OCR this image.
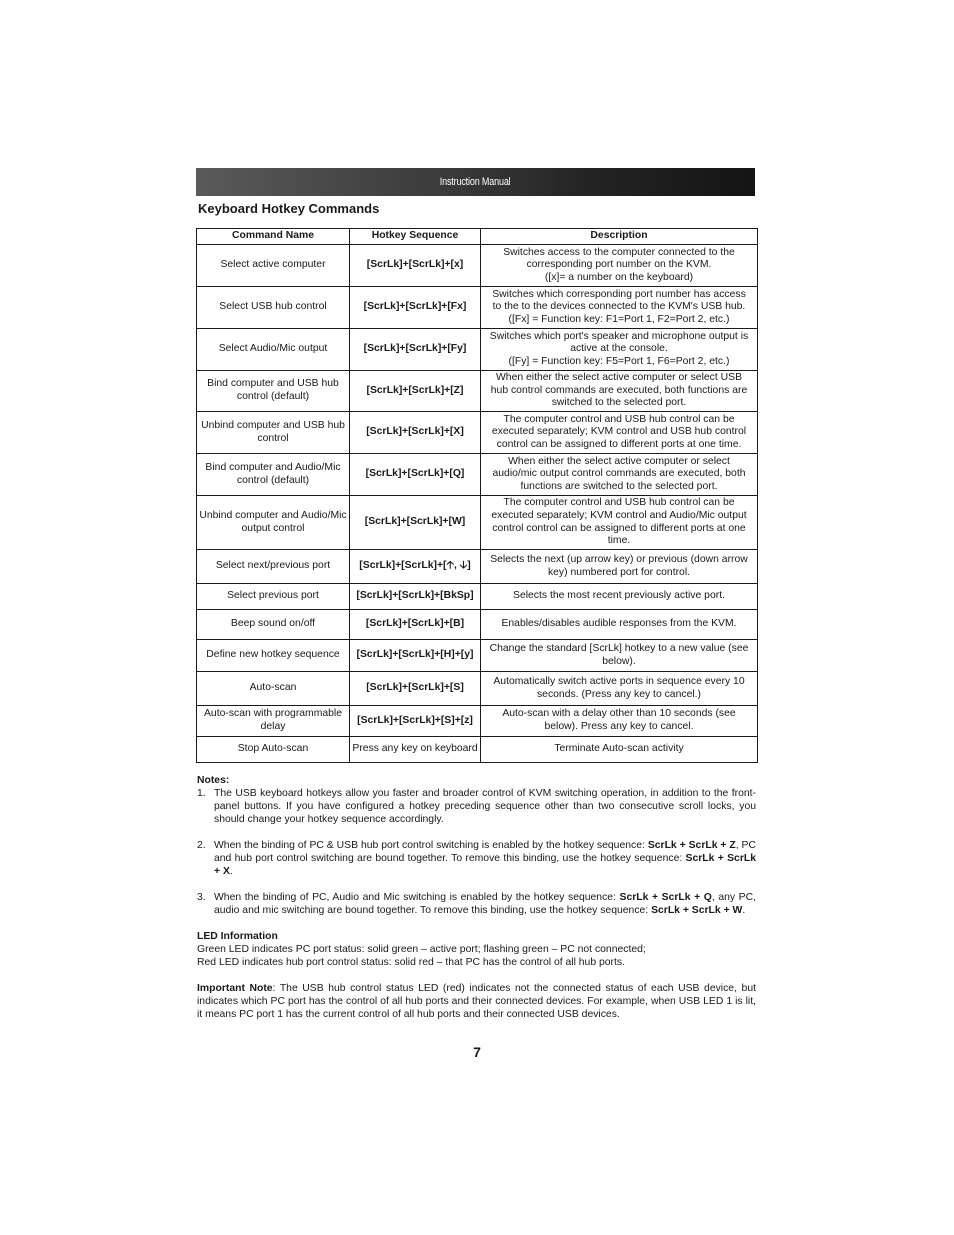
Instruction Manual
Keyboard Hotkey Commands
Command Name	Hotkey Sequence	Description
Select active computer	[ScrLk]+[ScrLk]+[x]	Switches access to the computer connected to the
corresponding port number on the KVM.
([x]= a number on the keyboard)
Select USB hub control	[ScrLk]+[ScrLk]+[Fx]	Switches which corresponding port number has access
to the to the devices connected to the KVM's USB hub.
([Fx] = Function key: F1=Port 1, F2=Port 2, etc.)
Select Audio/Mic output	[ScrLk]+[ScrLk]+[Fy]	Switches which port's speaker and microphone output is
active at the console.
([Fy] = Function key: F5=Port 1, F6=Port 2, etc.)
Bind computer and USB hub control (default)	[ScrLk]+[ScrLk]+[Z]	When either the select active computer or select USB
hub control commands are executed, both functions are
switched to the selected port.
Unbind computer and USB hub control	[ScrLk]+[ScrLk]+[X]	The computer control and USB hub control can be
executed separately; KVM control and USB hub control
control can be assigned to different ports at one time.
Bind computer and Audio/Mic control (default)	[ScrLk]+[ScrLk]+[Q]	When either the select active computer or select
audio/mic output control commands are executed, both
functions are switched to the selected port.
Unbind computer and Audio/Mic output control	[ScrLk]+[ScrLk]+[W]	The computer control and USB hub control can be
executed separately; KVM control and Audio/Mic output
control control can be assigned to different ports at one
time.
Select next/previous port	[ScrLk]+[ScrLk]+[🡡, 🡣]	Selects the next (up arrow key) or previous (down arrow
key) numbered port for control.
Select previous port	[ScrLk]+[ScrLk]+[BkSp]	Selects the most recent previously active port.
Beep sound on/off	[ScrLk]+[ScrLk]+[B]	Enables/disables audible responses from the KVM.
Define new hotkey sequence	[ScrLk]+[ScrLk]+[H]+[y]	Change the standard [ScrLk] hotkey to a new value (see
below).
Auto-scan	[ScrLk]+[ScrLk]+[S]	Automatically switch active ports in sequence every 10
seconds. (Press any key to cancel.)
Auto-scan with programmable delay	[ScrLk]+[ScrLk]+[S]+[z]	Auto-scan with a delay other than 10 seconds (see
below). Press any key to cancel.
Stop Auto-scan	Press any key on keyboard	Terminate Auto-scan activity

Notes:

1. The USB keyboard hotkeys allow you faster and broader control of KVM switching operation, in addition to the front-panel buttons. If you have configured a hotkey preceding sequence other than two consecutive scroll locks, you should change your hotkey sequence accordingly.
2. When the binding of PC & USB hub port control switching is enabled by the hotkey sequence: ScrLk + ScrLk + Z, PC and hub port control switching are bound together. To remove this binding, use the hotkey sequence: ScrLk + ScrLk + X.
3. When the binding of PC, Audio and Mic switching is enabled by the hotkey sequence: ScrLk + ScrLk + Q, any PC, audio and mic switching are bound together. To remove this binding, use the hotkey sequence: ScrLk + ScrLk + W.

LED Information

Green LED indicates PC port status: solid green – active port; flashing green – PC not connected;

Red LED indicates hub port control status: solid red – that PC has the control of all hub ports.

Important Note: The USB hub control status LED (red) indicates not the connected status of each USB device, but indicates which PC port has the control of all hub ports and their connected devices. For example, when USB LED 1 is lit, it means PC port 1 has the current control of all hub ports and their connected USB devices.

7
